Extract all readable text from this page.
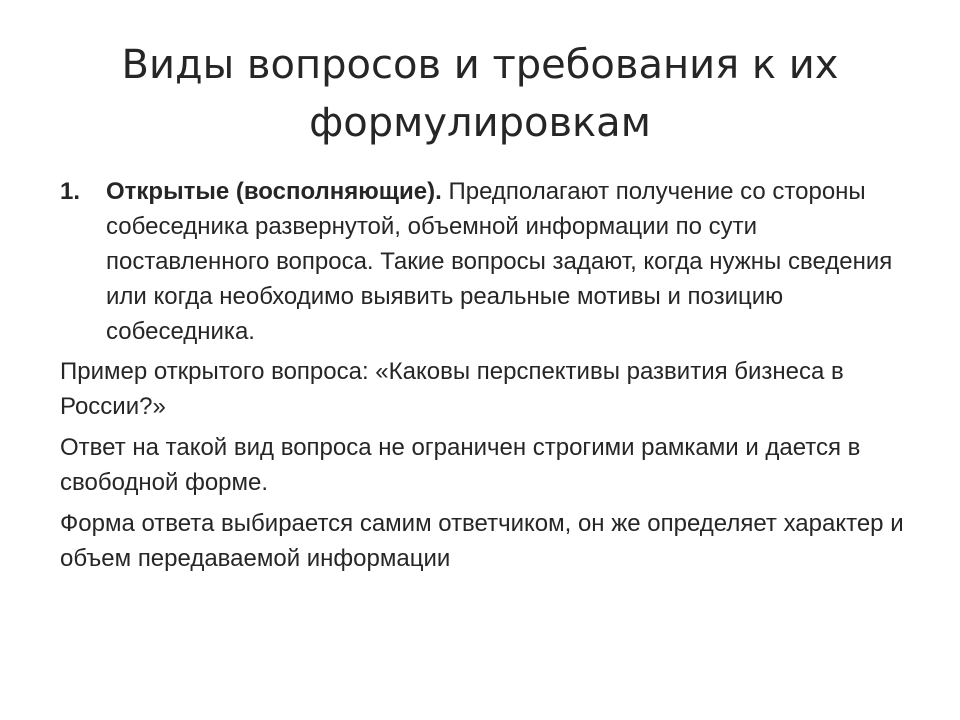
Виды вопросов и требования к их формулировкам

1. Открытые (восполняющие). Предполагают получение со стороны собеседника развернутой, объемной информации по сути поставленного вопроса. Такие вопросы задают, когда нужны сведения или когда необходимо выявить реальные мотивы и позицию собеседника.

Пример открытого вопроса: «Каковы перспективы развития бизнеса в России?»

Ответ на такой вид вопроса не ограничен строгими рамками и дается в свободной форме.

Форма ответа выбирается самим ответчиком, он же определяет характер и объем передаваемой информации
